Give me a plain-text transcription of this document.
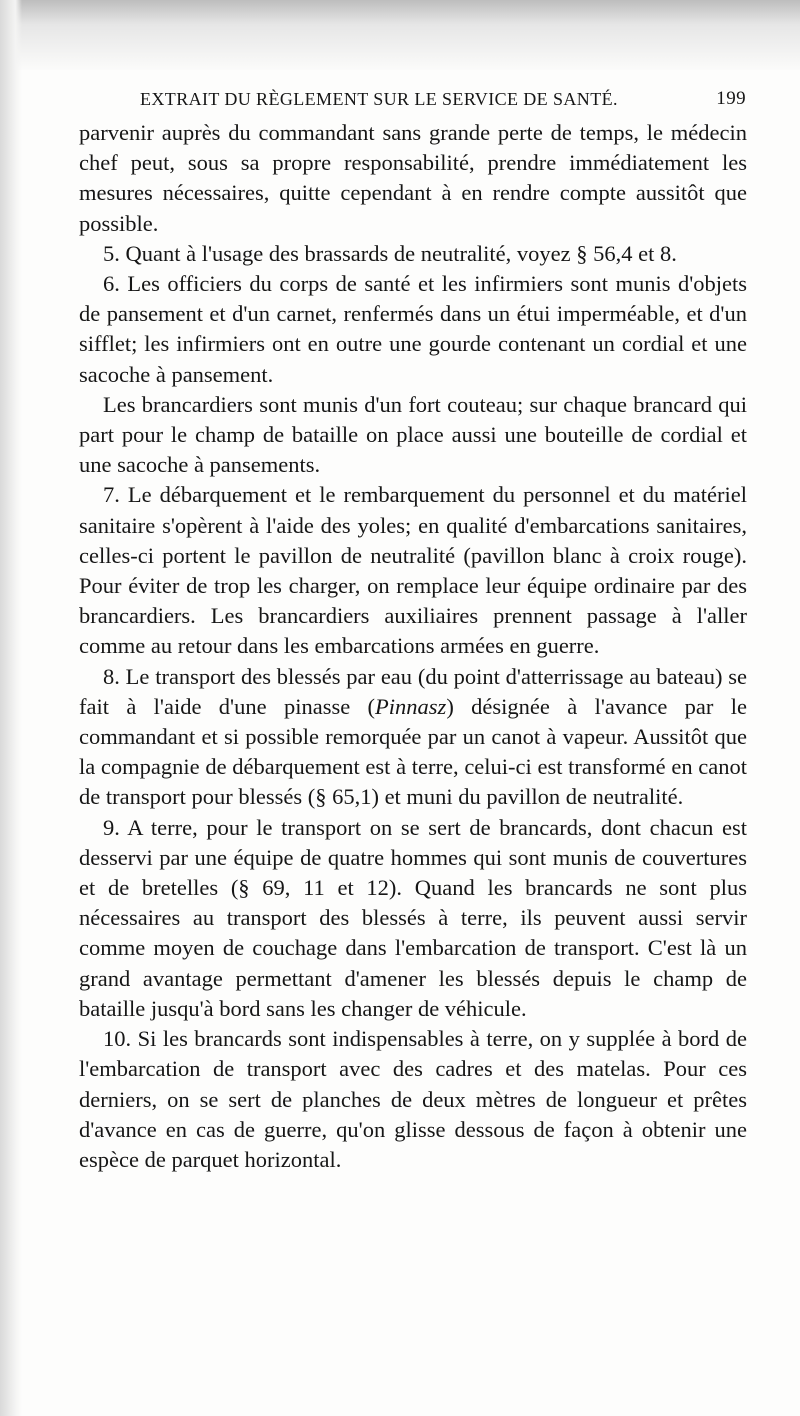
EXTRAIT DU RÈGLEMENT SUR LE SERVICE DE SANTÉ.	199

parvenir auprès du commandant sans grande perte de temps, le médecin chef peut, sous sa propre responsabilité, prendre immédiatement les mesures nécessaires, quitte cependant à en rendre compte aussitôt que possible.

5. Quant à l'usage des brassards de neutralité, voyez § 56,4 et 8.

6. Les officiers du corps de santé et les infirmiers sont munis d'objets de pansement et d'un carnet, renfermés dans un étui imperméable, et d'un sifflet; les infirmiers ont en outre une gourde contenant un cordial et une sacoche à pansement.

Les brancardiers sont munis d'un fort couteau; sur chaque brancard qui part pour le champ de bataille on place aussi une bouteille de cordial et une sacoche à pansements.

7. Le débarquement et le rembarquement du personnel et du matériel sanitaire s'opèrent à l'aide des yoles; en qualité d'embarcations sanitaires, celles-ci portent le pavillon de neutralité (pavillon blanc à croix rouge). Pour éviter de trop les charger, on remplace leur équipe ordinaire par des brancardiers. Les brancardiers auxiliaires prennent passage à l'aller comme au retour dans les embarcations armées en guerre.

8. Le transport des blessés par eau (du point d'atterrissage au bateau) se fait à l'aide d'une pinasse (Pinnasz) désignée à l'avance par le commandant et si possible remorquée par un canot à vapeur. Aussitôt que la compagnie de débarquement est à terre, celui-ci est transformé en canot de transport pour blessés (§ 65,1) et muni du pavillon de neutralité.

9. A terre, pour le transport on se sert de brancards, dont chacun est desservi par une équipe de quatre hommes qui sont munis de couvertures et de bretelles (§ 69, 11 et 12). Quand les brancards ne sont plus nécessaires au transport des blessés à terre, ils peuvent aussi servir comme moyen de couchage dans l'embarcation de transport. C'est là un grand avantage permettant d'amener les blessés depuis le champ de bataille jusqu'à bord sans les changer de véhicule.

10. Si les brancards sont indispensables à terre, on y supplée à bord de l'embarcation de transport avec des cadres et des matelas. Pour ces derniers, on se sert de planches de deux mètres de longueur et prêtes d'avance en cas de guerre, qu'on glisse dessous de façon à obtenir une espèce de parquet horizontal.
